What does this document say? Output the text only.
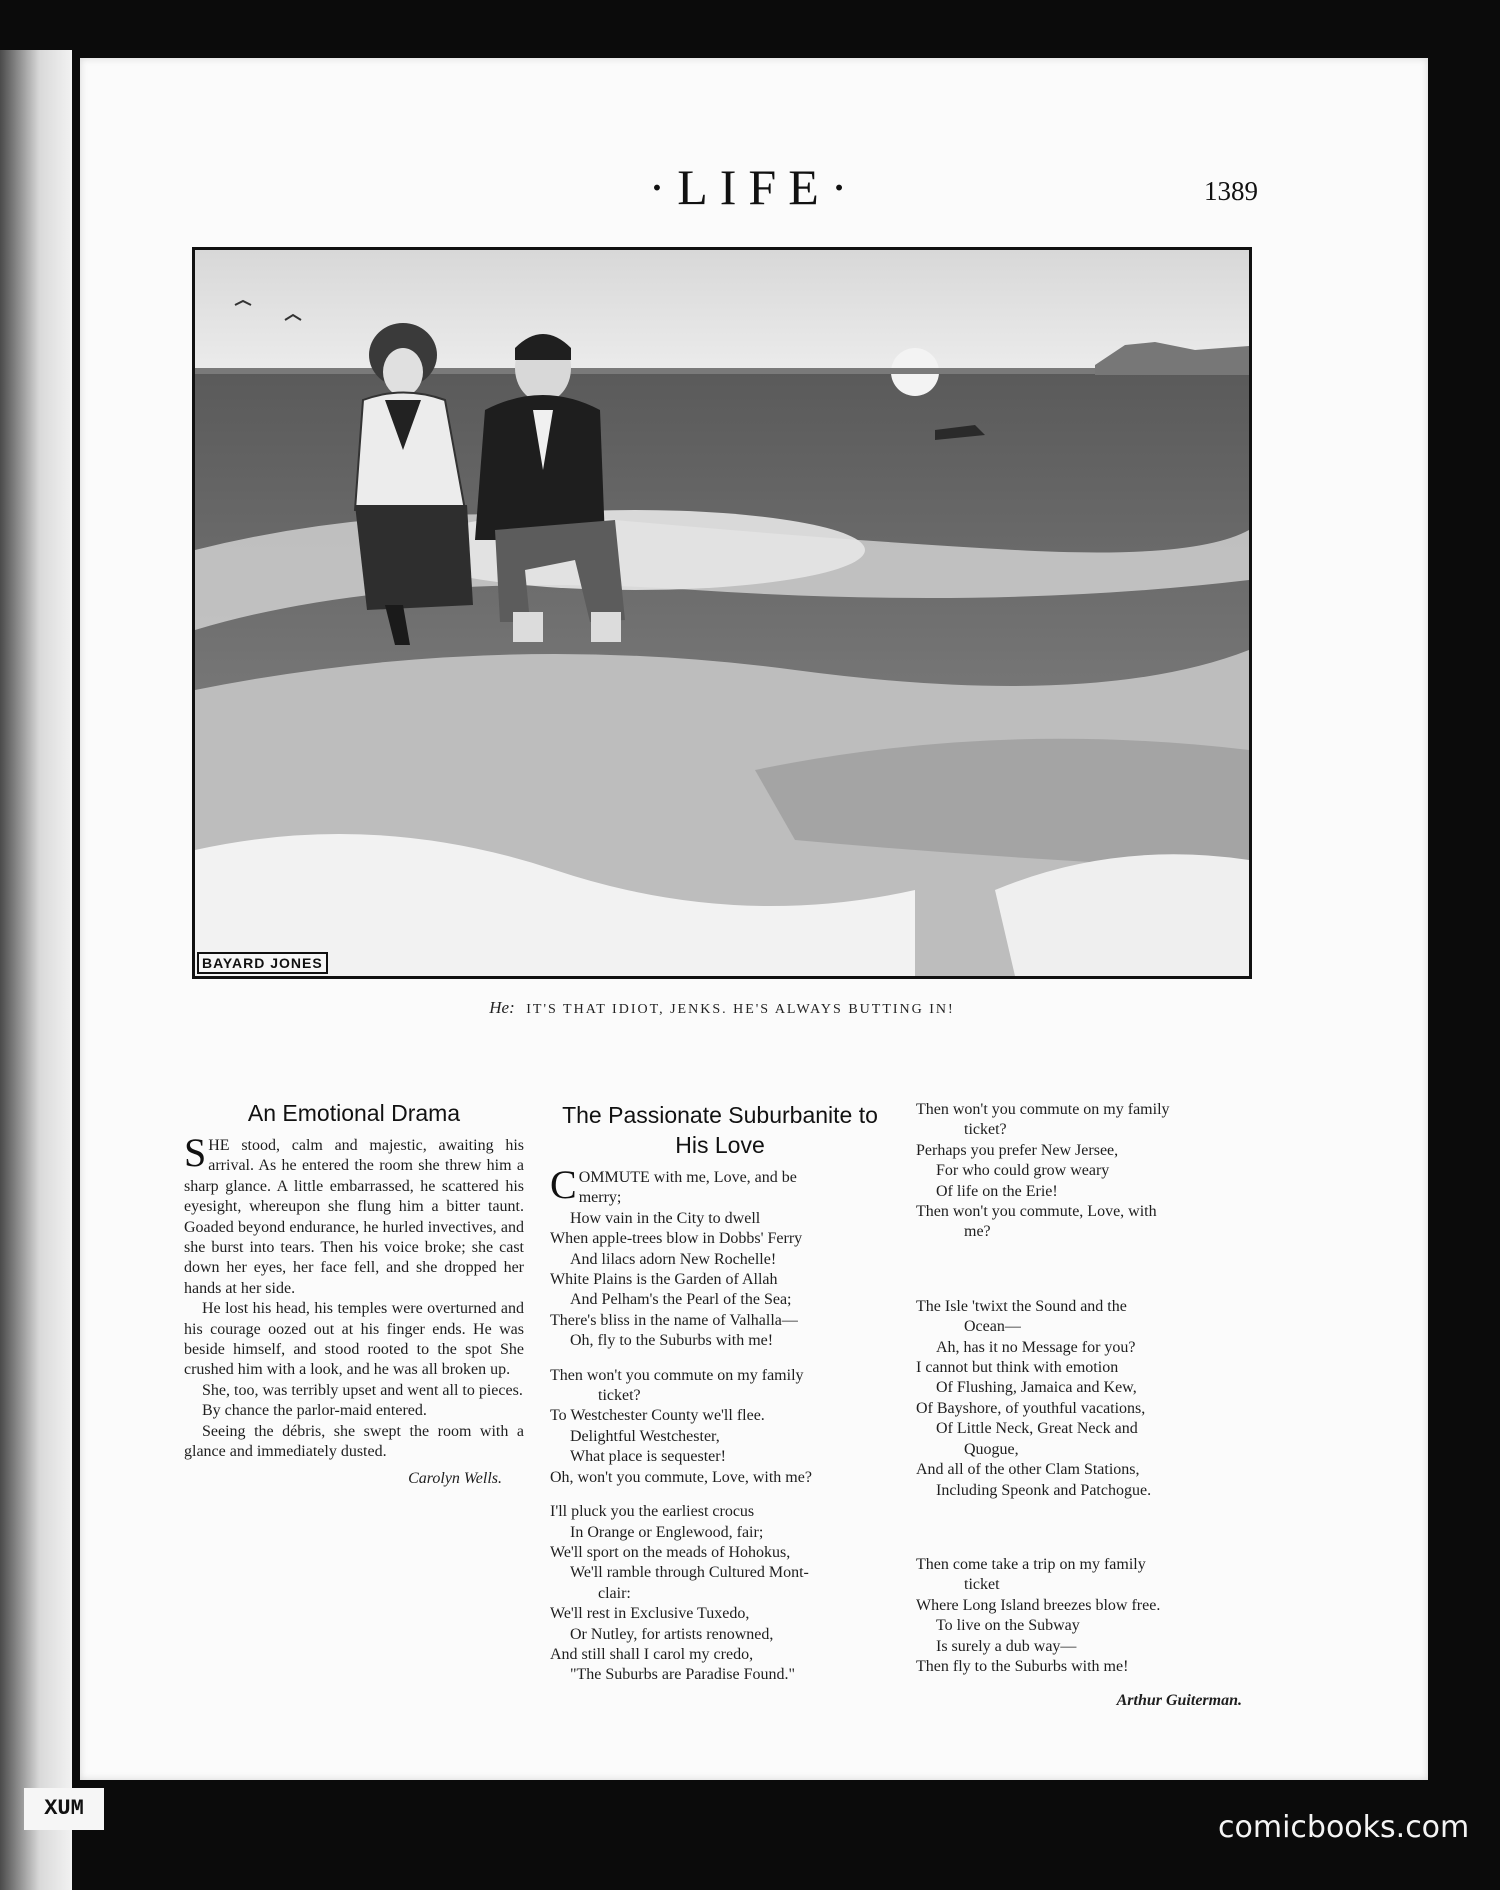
·LIFE·	1389
BAYARD JONES
He: IT'S THAT IDIOT, JENKS. HE'S ALWAYS BUTTING IN!
An Emotional Drama

SHE stood, calm and majestic, awaiting his arrival. As he entered the room she threw him a sharp glance. A little embarrassed, he scattered his eyesight, whereupon she flung him a bitter taunt. Goaded beyond endurance, he hurled invectives, and she burst into tears. Then his voice broke; she cast down her eyes, her face fell, and she dropped her hands at her side.

He lost his head, his temples were overturned and his courage oozed out at his finger ends. He was beside himself, and stood rooted to the spot She crushed him with a look, and he was all broken up.

She, too, was terribly upset and went all to pieces.

By chance the parlor-maid entered.

Seeing the débris, she swept the room with a glance and immediately dusted.

Carolyn Wells.
The Passionate Suburbanite to His Love
COMMUTE with me, Love, and be
merry;
How vain in the City to dwell
When apple-trees blow in Dobbs' Ferry
And lilacs adorn New Rochelle!
White Plains is the Garden of Allah
And Pelham's the Pearl of the Sea;
There's bliss in the name of Valhalla—
Oh, fly to the Suburbs with me!
Then won't you commute on my family
ticket?
To Westchester County we'll flee.
Delightful Westchester,
What place is sequester!
Oh, won't you commute, Love, with me?
I'll pluck you the earliest crocus
In Orange or Englewood, fair;
We'll sport on the meads of Hohokus,
We'll ramble through Cultured Mont-
clair:
We'll rest in Exclusive Tuxedo,
Or Nutley, for artists renowned,
And still shall I carol my credo,
"The Suburbs are Paradise Found."
Then won't you commute on my family
ticket?
Perhaps you prefer New Jersee,
For who could grow weary
Of life on the Erie!
Then won't you commute, Love, with
me?
The Isle 'twixt the Sound and the
Ocean—
Ah, has it no Message for you?
I cannot but think with emotion
Of Flushing, Jamaica and Kew,
Of Bayshore, of youthful vacations,
Of Little Neck, Great Neck and
Quogue,
And all of the other Clam Stations,
Including Speonk and Patchogue.
Then come take a trip on my family
ticket
Where Long Island breezes blow free.
To live on the Subway
Is surely a dub way—
Then fly to the Suburbs with me!
Arthur Guiterman.
XUM
comicbooks.com
